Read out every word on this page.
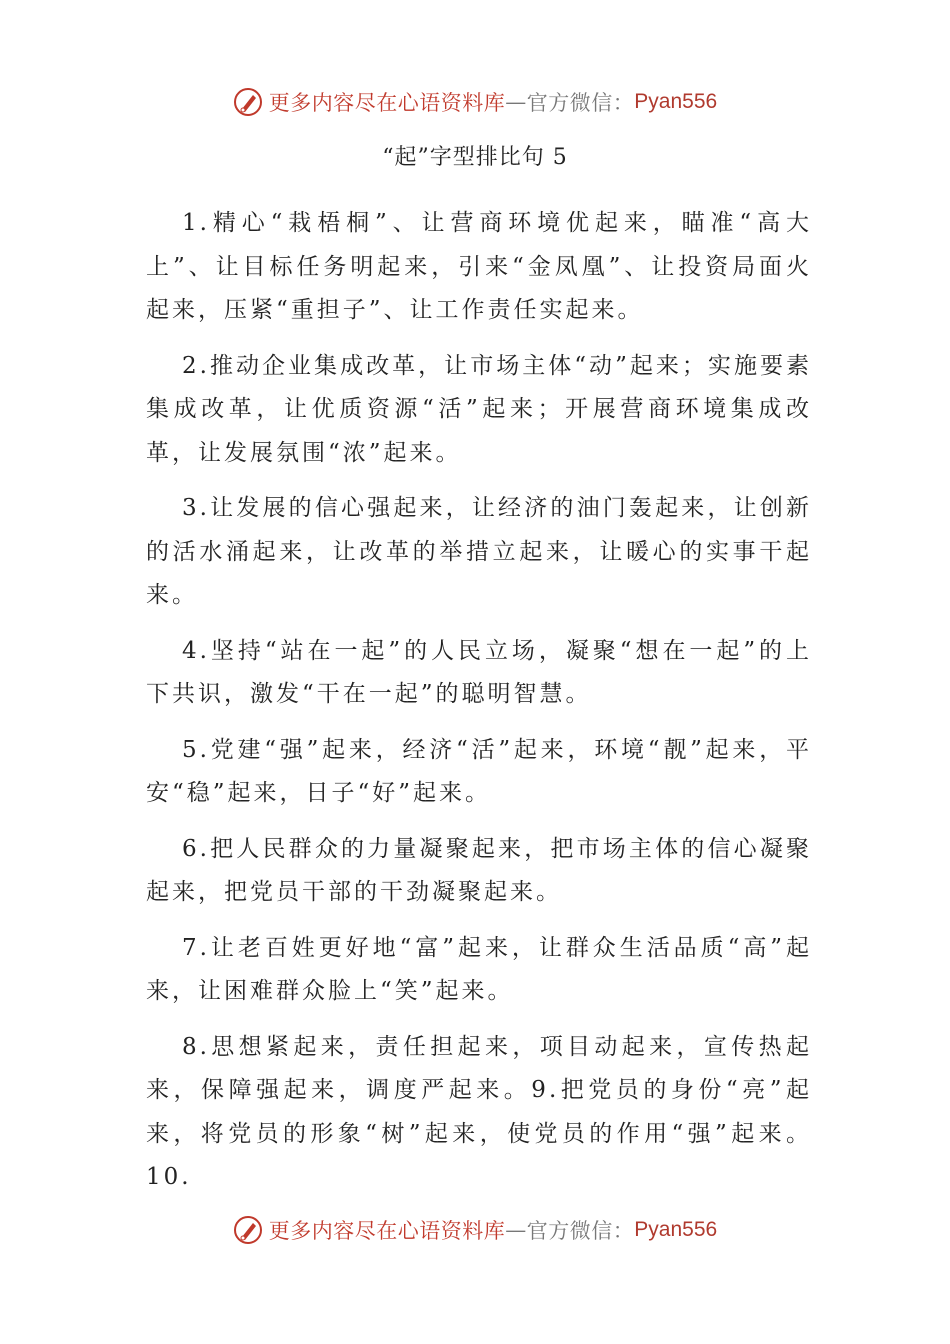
更多内容尽在心语资料库 — 官方微信： Pyan556
“起”字型排比句 5

1.精心“栽梧桐”、让营商环境优起来，瞄准“高大上”、让目标任务明起来，引来“金凤凰”、让投资局面火起来，压紧“重担子”、让工作责任实起来。

2.推动企业集成改革，让市场主体“动”起来；实施要素集成改革，让优质资源“活”起来；开展营商环境集成改革，让发展氛围“浓”起来。

3.让发展的信心强起来，让经济的油门轰起来，让创新的活水涌起来，让改革的举措立起来，让暖心的实事干起来。

4.坚持“站在一起”的人民立场，凝聚“想在一起”的上下共识，激发“干在一起”的聪明智慧。

5.党建“强”起来，经济“活”起来，环境“靓”起来，平安“稳”起来，日子“好”起来。

6.把人民群众的力量凝聚起来，把市场主体的信心凝聚起来，把党员干部的干劲凝聚起来。

7.让老百姓更好地“富”起来，让群众生活品质“高”起来，让困难群众脸上“笑”起来。

8.思想紧起来，责任担起来，项目动起来，宣传热起来，保障强起来，调度严起来。9.把党员的身份“亮”起来，将党员的形象“树”起来，使党员的作用“强”起来。10.

更多内容尽在心语资料库 — 官方微信： Pyan556
